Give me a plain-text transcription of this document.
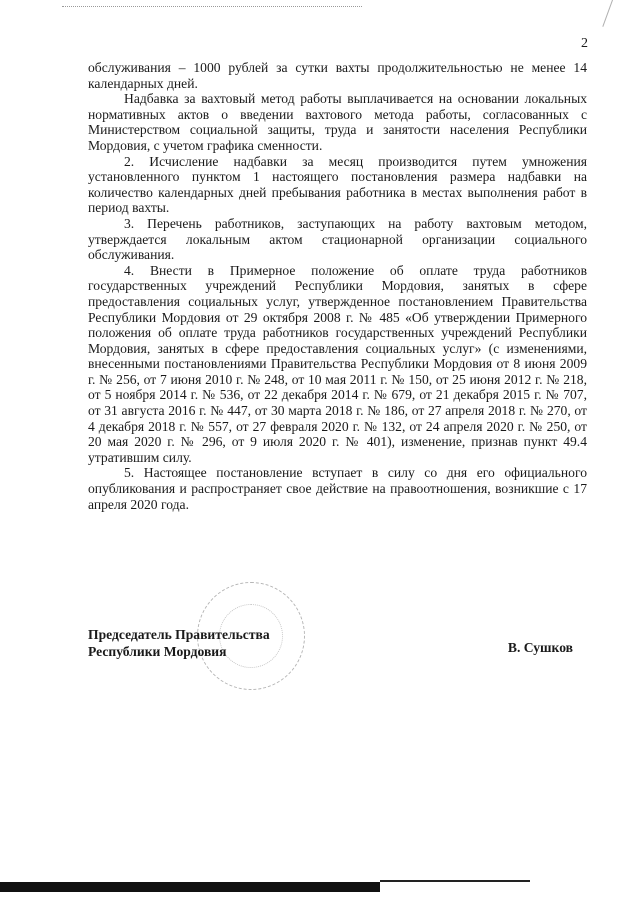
2

обслуживания – 1000 рублей за сутки вахты продолжительностью не менее 14 календарных дней.

Надбавка за вахтовый метод работы выплачивается на основании локальных нормативных актов о введении вахтового метода работы, согласованных с Министерством социальной защиты, труда и занятости населения Республики Мордовия, с учетом графика сменности.

2. Исчисление надбавки за месяц производится путем умножения установленного пунктом 1 настоящего постановления размера надбавки на количество календарных дней пребывания работника в местах выполнения работ в период вахты.

3. Перечень работников, заступающих на работу вахтовым методом, утверждается локальным актом стационарной организации социального обслуживания.

4. Внести в Примерное положение об оплате труда работников государственных учреждений Республики Мордовия, занятых в сфере предоставления социальных услуг, утвержденное постановлением Правительства Республики Мордовия от 29 октября 2008 г. № 485 «Об утверждении Примерного положения об оплате труда работников государственных учреждений Республики Мордовия, занятых в сфере предоставления социальных услуг» (с изменениями, внесенными постановлениями Правительства Республики Мордовия от 8 июня 2009 г. № 256, от 7 июня 2010 г. № 248, от 10 мая 2011 г. № 150, от 25 июня 2012 г. № 218, от 5 ноября 2014 г. № 536, от 22 декабря 2014 г. № 679, от 21 декабря 2015 г. № 707, от 31 августа 2016 г. № 447, от 30 марта 2018 г. № 186, от 27 апреля 2018 г. № 270, от 4 декабря 2018 г. № 557, от 27 февраля 2020 г. № 132, от 24 апреля 2020 г. № 250, от 20 мая 2020 г. № 296, от 9 июля 2020 г. № 401), изменение, признав пункт 49.4 утратившим силу.

5. Настоящее постановление вступает в силу со дня его официального опубликования и распространяет свое действие на правоотношения, возникшие с 17 апреля 2020 года.

Председатель Правительства
Республики Мордовия	В. Сушков
